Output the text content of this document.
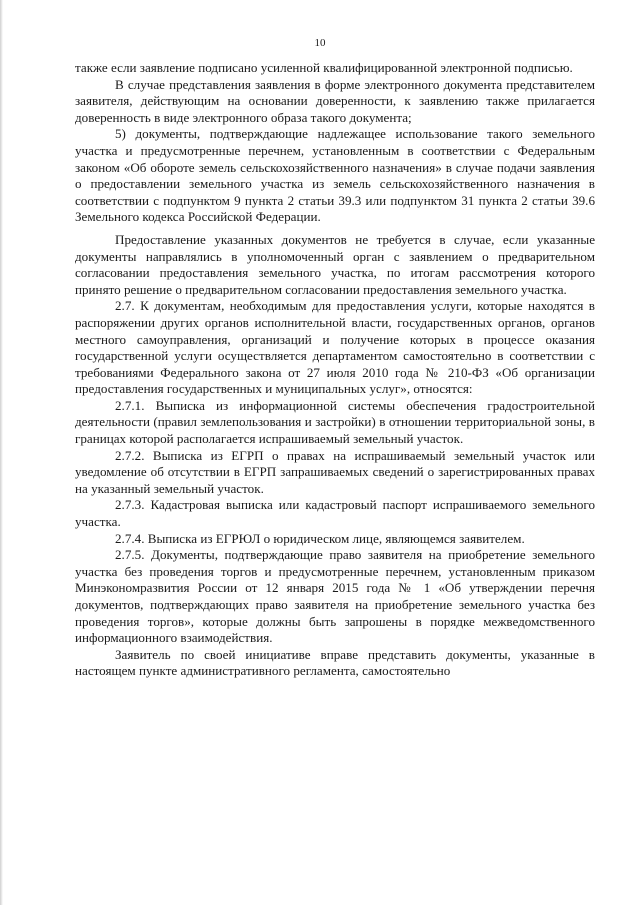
10

также если заявление подписано усиленной квалифицированной электронной подписью.

В случае представления заявления в форме электронного документа представителем заявителя, действующим на основании доверенности, к заявлению также прилагается доверенность в виде электронного образа такого документа;

5) документы, подтверждающие надлежащее использование такого земельного участка и предусмотренные перечнем, установленным в соответствии с Федеральным законом «Об обороте земель сельскохозяйственного назначения» в случае подачи заявления о предоставлении земельного участка из земель сельскохозяйственного назначения в соответствии с подпунктом 9 пункта 2 статьи 39.3 или подпунктом 31 пункта 2 статьи 39.6 Земельного кодекса Российской Федерации.

Предоставление указанных документов не требуется в случае, если указанные документы направлялись в уполномоченный орган с заявлением о предварительном согласовании предоставления земельного участка, по итогам рассмотрения которого принято решение о предварительном согласовании предоставления земельного участка.

2.7. К документам, необходимым для предоставления услуги, которые находятся в распоряжении других органов исполнительной власти, государственных органов, органов местного самоуправления, организаций и получение которых в процессе оказания государственной услуги осуществляется департаментом самостоятельно в соответствии с требованиями Федерального закона от 27 июля 2010 года № 210-ФЗ «Об организации предоставления государственных и муниципальных услуг», относятся:

2.7.1. Выписка из информационной системы обеспечения градостроительной деятельности (правил землепользования и застройки) в отношении территориальной зоны, в границах которой располагается испрашиваемый земельный участок.

2.7.2. Выписка из ЕГРП о правах на испрашиваемый земельный участок или уведомление об отсутствии в ЕГРП запрашиваемых сведений о зарегистрированных правах на указанный земельный участок.

2.7.3. Кадастровая выписка или кадастровый паспорт испрашиваемого земельного участка.

2.7.4. Выписка из ЕГРЮЛ о юридическом лице, являющемся заявителем.

2.7.5. Документы, подтверждающие право заявителя на приобретение земельного участка без проведения торгов и предусмотренные перечнем, установленным приказом Минэкономразвития России от 12 января 2015 года № 1 «Об утверждении перечня документов, подтверждающих право заявителя на приобретение земельного участка без проведения торгов», которые должны быть запрошены в порядке межведомственного информационного взаимодействия.

Заявитель по своей инициативе вправе представить документы, указанные в настоящем пункте административного регламента, самостоятельно
